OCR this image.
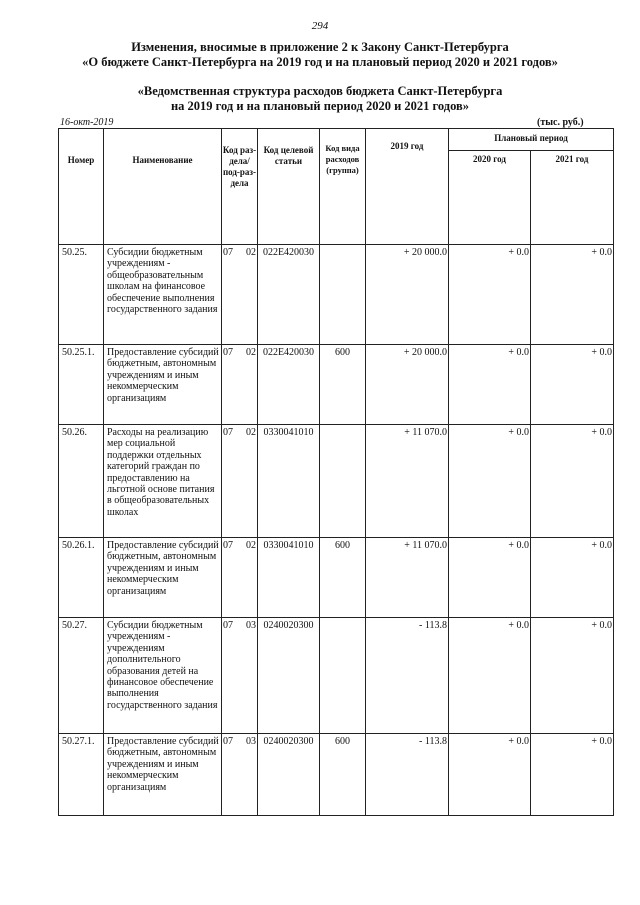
294
Изменения, вносимые в приложение 2 к Закону Санкт-Петербурга
«О бюджете Санкт-Петербурга на 2019 год и на плановый период 2020 и 2021 годов»
«Ведомственная структура расходов бюджета Санкт-Петербурга
на 2019 год и на плановый период 2020 и 2021 годов»
16-окт-2019	(тыс. руб.)
Номер	Наименование	Код раз-дела/ под-раз-дела	Код целевой статьи	Код вида расходов (группа)	2019 год	Плановый период	
						2020 год	2021 год
50.25.	Субсидии бюджетным учреждениям - общеобразовательным школам на финансовое обеспечение выполнения государственного задания	07 02	022Е420030		+ 20 000.0	+ 0.0	+ 0.0
50.25.1.	Предоставление субсидий бюджетным, автономным учреждениям и иным некоммерческим организациям	07 02	022Е420030	600	+ 20 000.0	+ 0.0	+ 0.0
50.26.	Расходы на реализацию мер социальной поддержки отдельных категорий граждан по предоставлению на льготной основе питания в общеобразовательных школах	07 02	0330041010		+ 11 070.0	+ 0.0	+ 0.0
50.26.1.	Предоставление субсидий бюджетным, автономным учреждениям и иным некоммерческим организациям	07 02	0330041010	600	+ 11 070.0	+ 0.0	+ 0.0
50.27.	Субсидии бюджетным учреждениям - учреждениям дополнительного образования детей на финансовое обеспечение выполнения государственного задания	07 03	0240020300		- 113.8	+ 0.0	+ 0.0
50.27.1.	Предоставление субсидий бюджетным, автономным учреждениям и иным некоммерческим организациям	07 03	0240020300	600	- 113.8	+ 0.0	+ 0.0
